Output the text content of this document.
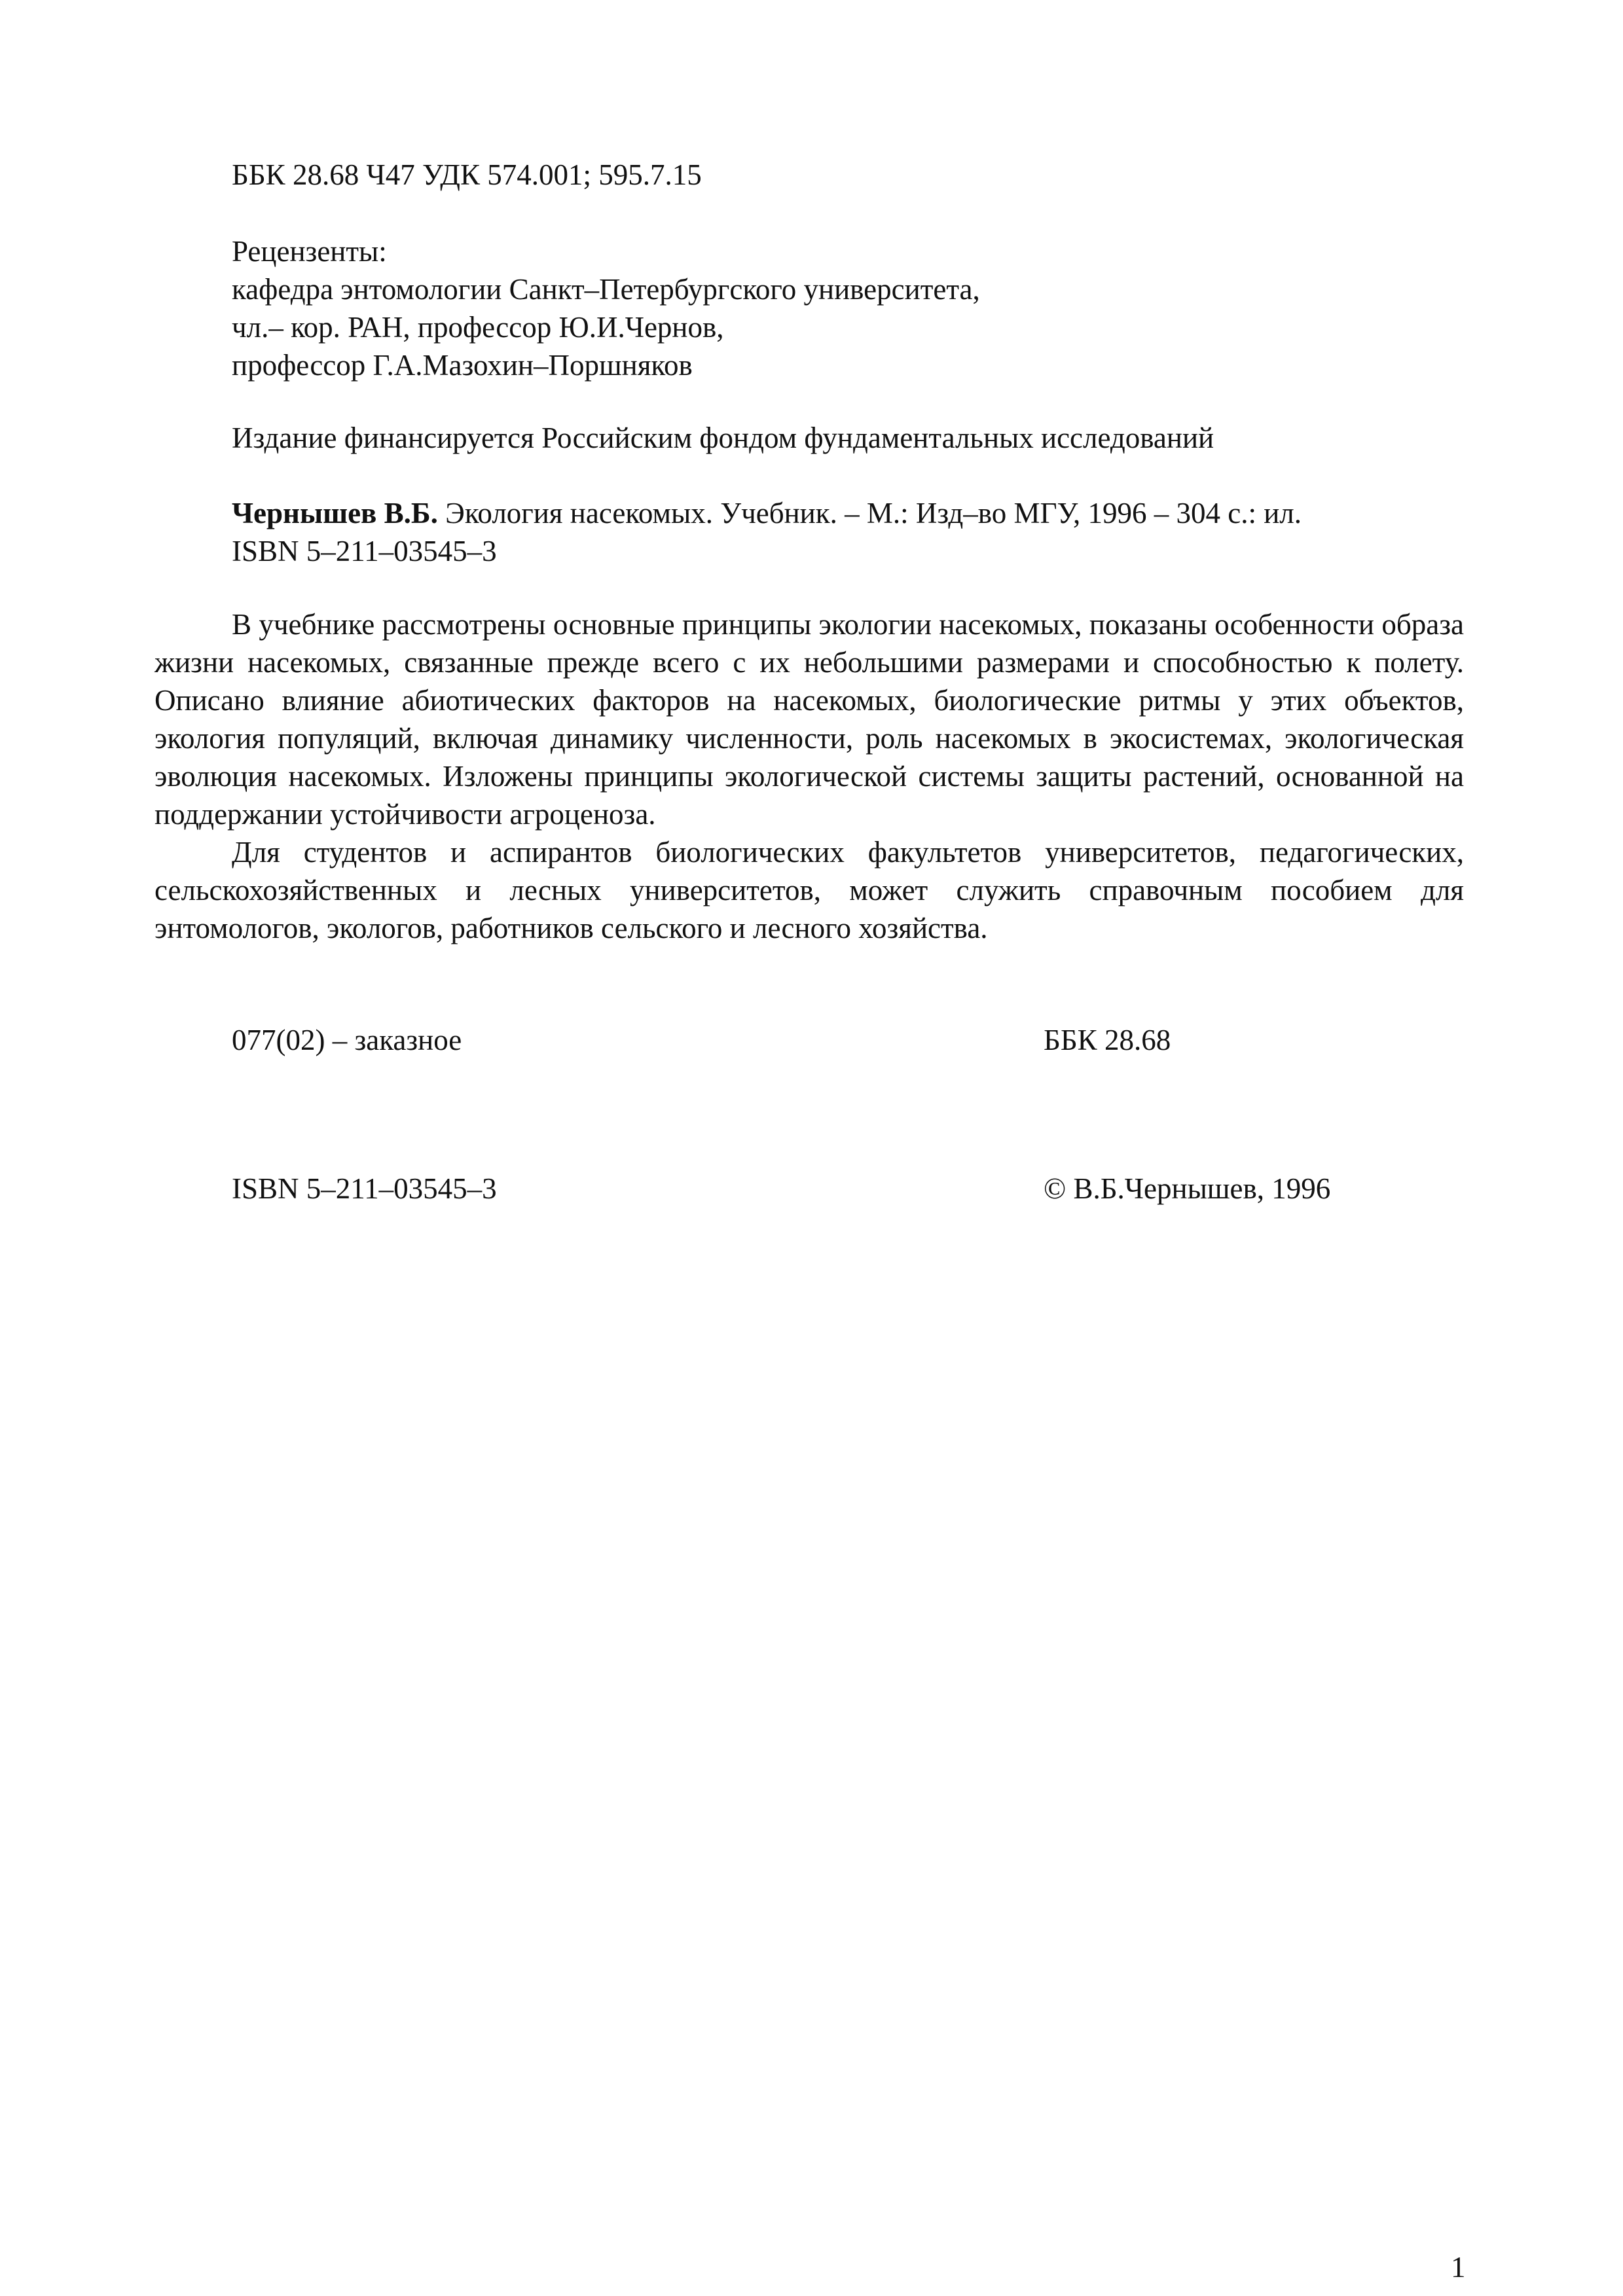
ББК 28.68 Ч47 УДК 574.001; 595.7.15
Рецензенты:
кафедра энтомологии Санкт–Петербургского университета,
чл.– кор. РАН, профессор Ю.И.Чернов,
профессор Г.А.Мазохин–Поршняков
Издание финансируется Российским фондом фундаментальных исследований
Чернышев В.Б. Экология насекомых. Учебник. – М.: Изд–во МГУ, 1996 – 304 с.: ил.
ISBN 5–211–03545–3

В учебнике рассмотрены основные принципы экологии насекомых, показаны особенности образа жизни насекомых, связанные прежде всего с их небольшими размерами и способностью к полету. Описано влияние абиотических факторов на насекомых, биологические ритмы у этих объектов, экология популяций, включая динамику численности, роль насекомых в экосистемах, экологическая эволюция насекомых. Изложены принципы экологической системы защиты растений, основанной на поддержании устойчивости агроценоза.

Для студентов и аспирантов биологических факультетов университетов, педагогических, сельскохозяйственных и лесных университетов, может служить справочным пособием для энтомологов, экологов, работников сельского и лесного хозяйства.

077(02) – заказное	ББК 28.68
ISBN 5–211–03545–3	© В.Б.Чернышев, 1996
1
